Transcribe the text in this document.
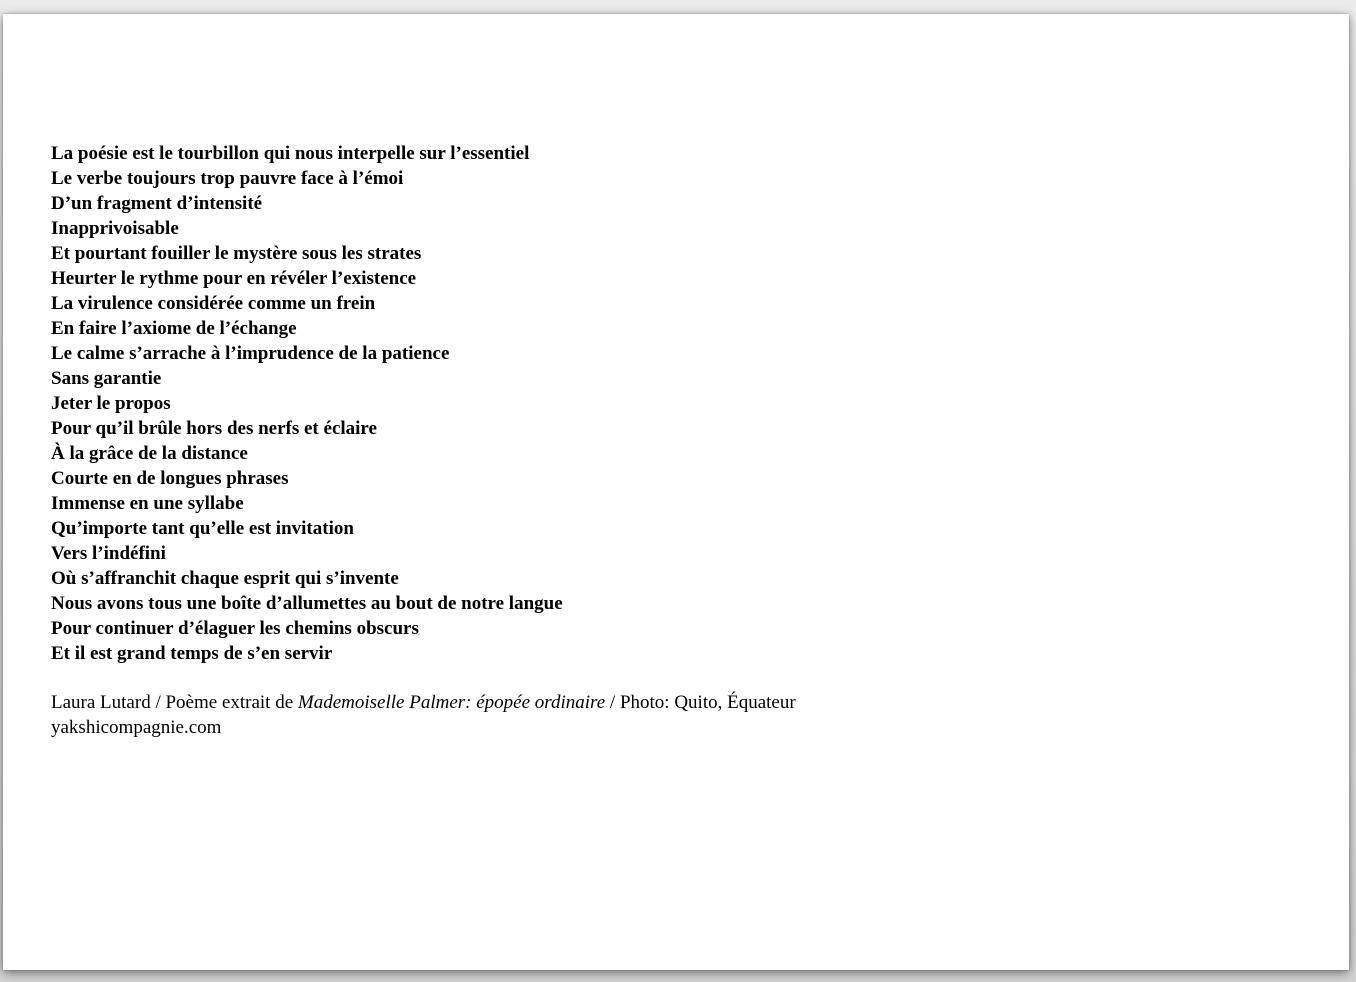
La poésie est le tourbillon qui nous interpelle sur l’essentiel
Le verbe toujours trop pauvre face à l’émoi
D’un fragment d’intensité
Inapprivoisable
Et pourtant fouiller le mystère sous les strates
Heurter le rythme pour en révéler l’existence
La virulence considérée comme un frein
En faire l’axiome de l’échange
Le calme s’arrache à l’imprudence de la patience
Sans garantie
Jeter le propos
Pour qu’il brûle hors des nerfs et éclaire
À la grâce de la distance
Courte en de longues phrases
Immense en une syllabe
Qu’importe tant qu’elle est invitation
Vers l’indéfini
Où s’affranchit chaque esprit qui s’invente
Nous avons tous une boîte d’allumettes au bout de notre langue
Pour continuer d’élaguer les chemins obscurs
Et il est grand temps de s’en servir
Laura Lutard / Poème extrait de Mademoiselle Palmer: épopée ordinaire / Photo: Quito, Équateur
yakshicompagnie.com
